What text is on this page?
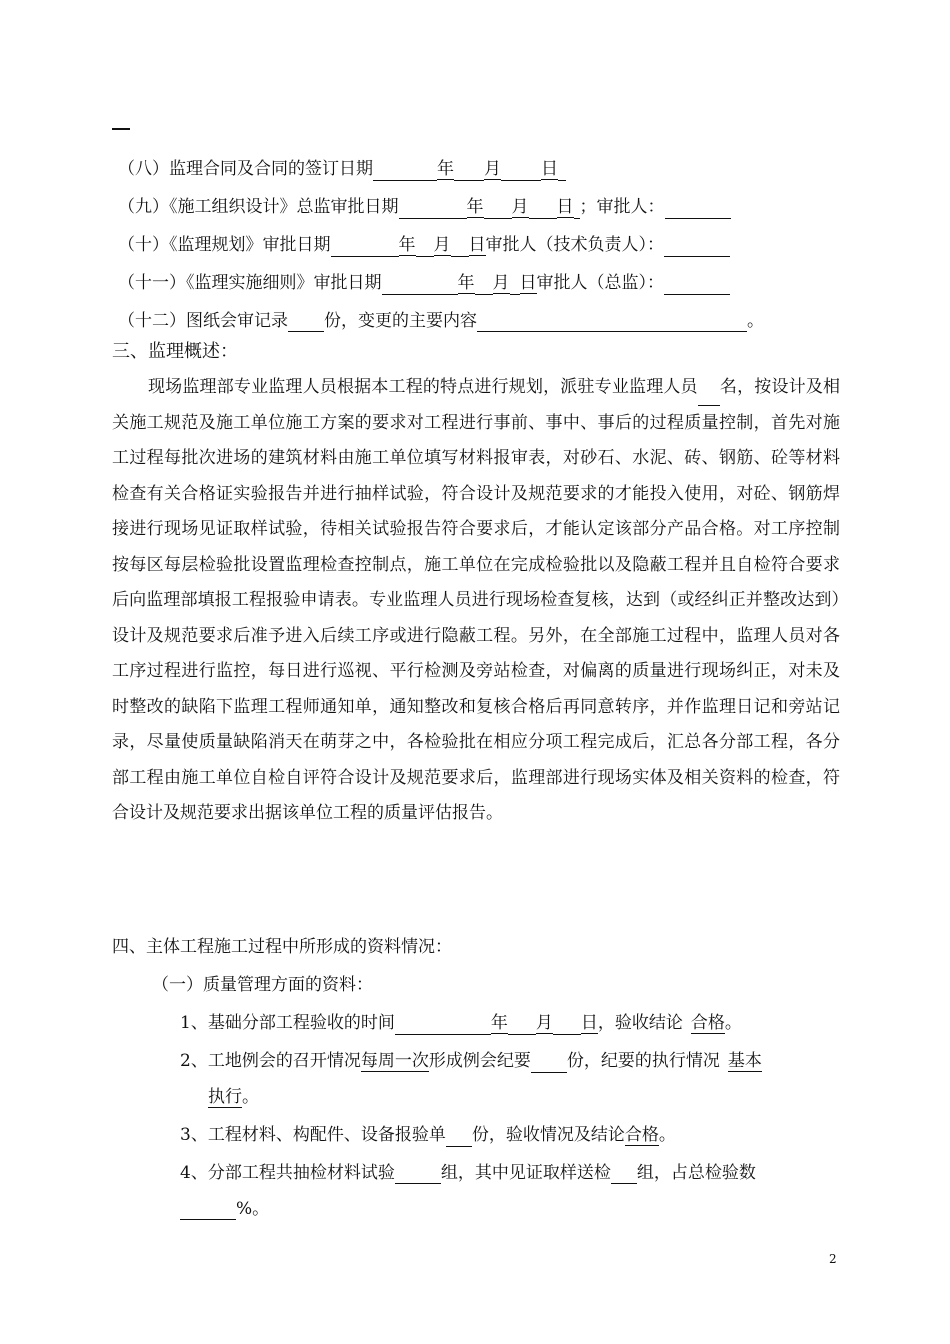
（八）监理合同及合同的签订日期	年 月 日
（九）《施工组织设计》总监审批日期	年 月 日 ；审批人：
（十）《监理规划》审批日期	年 月 日审批人（技术负责人）：
（十一）《监理实施细则》审批日期	年 月 日审批人（总监）：
（十二）图纸会审记录 份，变更的主要内容	。
三、监理概述：
现场监理部专业监理人员根据本工程的特点进行规划，派驻专业监理人员 名，按设计及相关施工规范及施工单位施工方案的要求对工程进行事前、事中、事后的过程质量控制，首先对施工过程每批次进场的建筑材料由施工单位填写材料报审表，对砂石、水泥、砖、钢筋、砼等材料检查有关合格证实验报告并进行抽样试验，符合设计及规范要求的才能投入使用，对砼、钢筋焊接进行现场见证取样试验，待相关试验报告符合要求后，才能认定该部分产品合格。对工序控制按每区每层检验批设置监理检查控制点，施工单位在完成检验批以及隐蔽工程并且自检符合要求后向监理部填报工程报验申请表。专业监理人员进行现场检查复核，达到（或经纠正并整改达到）设计及规范要求后准予进入后续工序或进行隐蔽工程。另外，在全部施工过程中，监理人员对各工序过程进行监控，每日进行巡视、平行检测及旁站检查，对偏离的质量进行现场纠正，对未及时整改的缺陷下监理工程师通知单，通知整改和复核合格后再同意转序，并作监理日记和旁站记录，尽量使质量缺陷消天在萌芽之中，各检验批在相应分项工程完成后，汇总各分部工程，各分部工程由施工单位自检自评符合设计及规范要求后，监理部进行现场实体及相关资料的检查，符合设计及规范要求出据该单位工程的质量评估报告。
四、主体工程施工过程中所形成的资料情况：
（一）质量管理方面的资料：
1、基础分部工程验收的时间	年 月 日，验收结论 合格。
2、工地例会的召开情况每周一次形成例会纪要 份，纪要的执行情况 基本
执行。
3、工程材料、构配件、设备报验单 份，验收情况及结论合格。
4、分部工程共抽检材料试验	组，其中见证取样送检 组，占总检验数
%。
2
